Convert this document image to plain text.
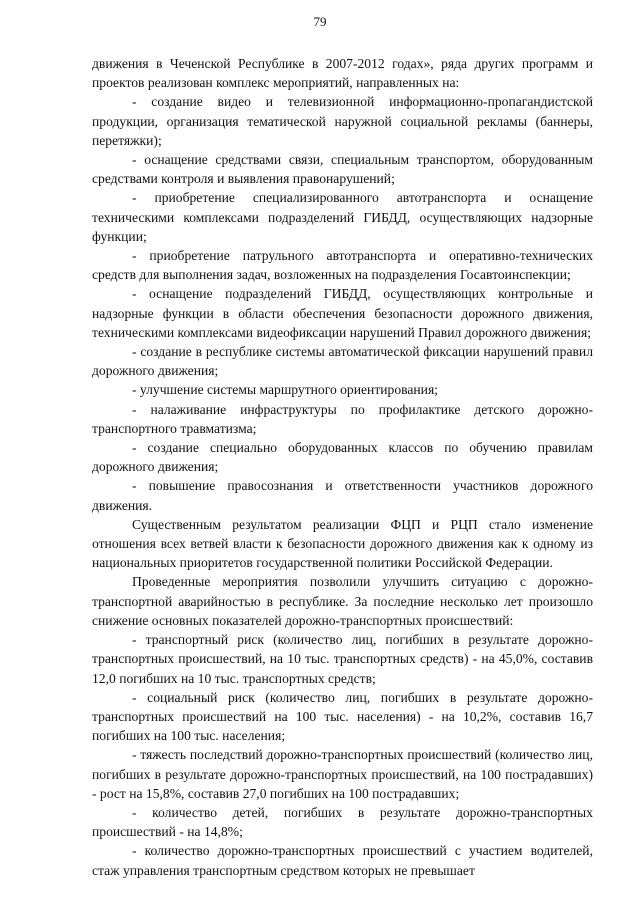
79

движения в Чеченской Республике в 2007-2012 годах», ряда других программ и проектов реализован комплекс мероприятий, направленных на:

- создание видео и телевизионной информационно-пропагандистской продукции, организация тематической наружной социальной рекламы (баннеры, перетяжки);

- оснащение средствами связи, специальным транспортом, оборудованным средствами контроля и выявления правонарушений;

- приобретение специализированного автотранспорта и оснащение техническими комплексами подразделений ГИБДД, осуществляющих надзорные функции;

- приобретение патрульного автотранспорта и оперативно-технических средств для выполнения задач, возложенных на подразделения Госавтоинспекции;

- оснащение подразделений ГИБДД, осуществляющих контрольные и надзорные функции в области обеспечения безопасности дорожного движения, техническими комплексами видеофиксации нарушений Правил дорожного движения;

- создание в республике системы автоматической фиксации нарушений правил дорожного движения;

- улучшение системы маршрутного ориентирования;

- налаживание инфраструктуры по профилактике детского дорожно-транспортного травматизма;

- создание специально оборудованных классов по обучению правилам дорожного движения;

- повышение правосознания и ответственности участников дорожного движения.

Существенным результатом реализации ФЦП и РЦП стало изменение отношения всех ветвей власти к безопасности дорожного движения как к одному из национальных приоритетов государственной политики Российской Федерации.

Проведенные мероприятия позволили улучшить ситуацию с дорожно-транспортной аварийностью в республике. За последние несколько лет произошло снижение основных показателей дорожно-транспортных происшествий:

- транспортный риск (количество лиц, погибших в результате дорожно-транспортных происшествий, на 10 тыс. транспортных средств) - на 45,0%, составив 12,0 погибших на 10 тыс. транспортных средств;

- социальный риск (количество лиц, погибших в результате дорожно-транспортных происшествий на 100 тыс. населения) - на 10,2%, составив 16,7 погибших на 100 тыс. населения;

- тяжесть последствий дорожно-транспортных происшествий (количество лиц, погибших в результате дорожно-транспортных происшествий, на 100 пострадавших) - рост на 15,8%, составив 27,0 погибших на 100 пострадавших;

- количество детей, погибших в результате дорожно-транспортных происшествий - на 14,8%;

- количество дорожно-транспортных происшествий с участием водителей, стаж управления транспортным средством которых не превышает
